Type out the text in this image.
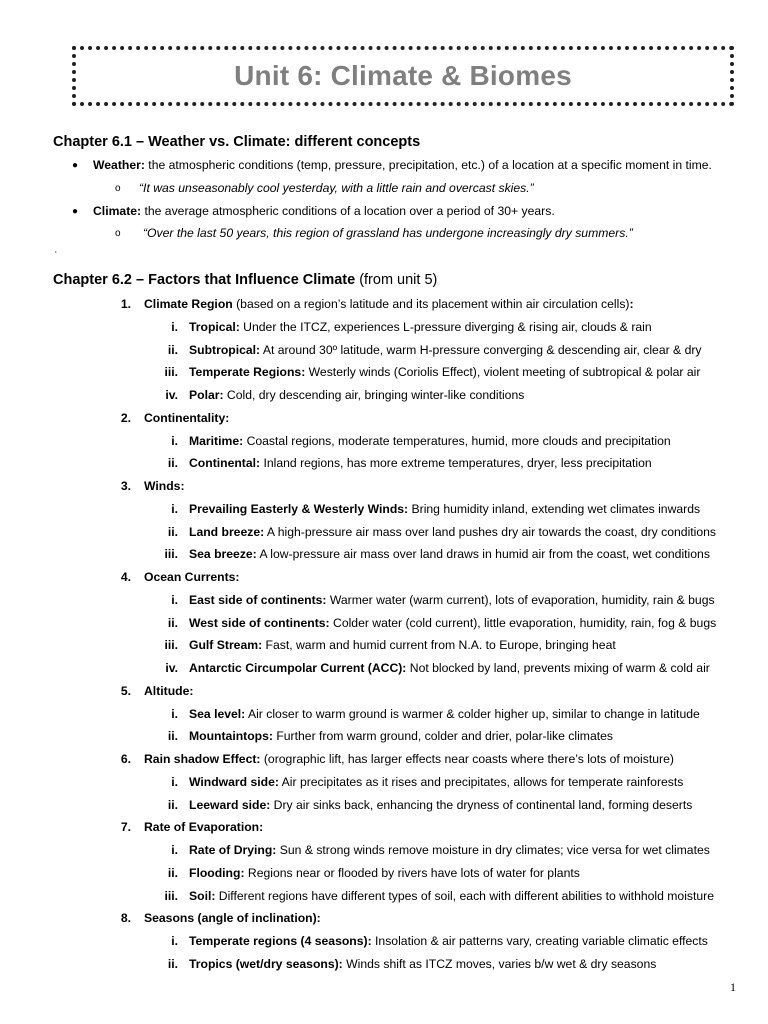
Unit 6: Climate & Biomes
Chapter 6.1 – Weather vs. Climate: different concepts
● Weather: the atmospheric conditions (temp, pressure, precipitation, etc.) of a location at a specific moment in time.
o “It was unseasonably cool yesterday, with a little rain and overcast skies.”
● Climate: the average atmospheric conditions of a location over a period of 30+ years.
o “Over the last 50 years, this region of grassland has undergone increasingly dry summers.”
‘
Chapter 6.2 – Factors that Influence Climate (from unit 5)
1. Climate Region (based on a region’s latitude and its placement within air circulation cells):
i. Tropical: Under the ITCZ, experiences L-pressure diverging & rising air, clouds & rain
ii. Subtropical: At around 30º latitude, warm H-pressure converging & descending air, clear & dry
iii. Temperate Regions: Westerly winds (Coriolis Effect), violent meeting of subtropical & polar air
iv. Polar: Cold, dry descending air, bringing winter-like conditions
2. Continentality:
i. Maritime: Coastal regions, moderate temperatures, humid, more clouds and precipitation
ii. Continental: Inland regions, has more extreme temperatures, dryer, less precipitation
3. Winds:
i. Prevailing Easterly & Westerly Winds: Bring humidity inland, extending wet climates inwards
ii. Land breeze: A high-pressure air mass over land pushes dry air towards the coast, dry conditions
iii. Sea breeze: A low-pressure air mass over land draws in humid air from the coast, wet conditions
4. Ocean Currents:
i. East side of continents: Warmer water (warm current), lots of evaporation, humidity, rain & bugs
ii. West side of continents: Colder water (cold current), little evaporation, humidity, rain, fog & bugs
iii. Gulf Stream: Fast, warm and humid current from N.A. to Europe, bringing heat
iv. Antarctic Circumpolar Current (ACC): Not blocked by land, prevents mixing of warm & cold air
5. Altitude:
i. Sea level: Air closer to warm ground is warmer & colder higher up, similar to change in latitude
ii. Mountaintops: Further from warm ground, colder and drier, polar-like climates
6. Rain shadow Effect: (orographic lift, has larger effects near coasts where there’s lots of moisture)
i. Windward side: Air precipitates as it rises and precipitates, allows for temperate rainforests
ii. Leeward side: Dry air sinks back, enhancing the dryness of continental land, forming deserts
7. Rate of Evaporation:
i. Rate of Drying: Sun & strong winds remove moisture in dry climates; vice versa for wet climates
ii. Flooding: Regions near or flooded by rivers have lots of water for plants
iii. Soil: Different regions have different types of soil, each with different abilities to withhold moisture
8. Seasons (angle of inclination):
i. Temperate regions (4 seasons): Insolation & air patterns vary, creating variable climatic effects
ii. Tropics (wet/dry seasons): Winds shift as ITCZ moves, varies b/w wet & dry seasons
1
